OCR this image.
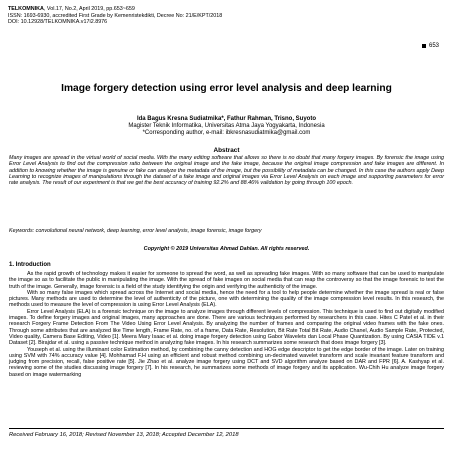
TELKOMNIKA, Vol.17, No.2, April 2019, pp.653~659
ISSN: 1693-6930, accredited First Grade by Kemenristekdikti, Decree No: 21/E/KPT/2018
DOI: 10.12928/TELKOMNIKA.v17i2.8976
653
Image forgery detection using error level analysis and deep learning
Ida Bagus Kresna Sudiatmika*, Fathur Rahman, Trisno, Suyoto
Magister Teknik Informatika, Universitas Atma Jaya Yogyakarta, Indonesia
*Corresponding author, e-mail: ibkresnasudiatmika@gmail.com
Abstract
Many images are spread in the virtual world of social media. With the many editing software that allows so there is no doubt that many forgery images. By forensic the image using Error Level Analysis to find out the compression ratio between the original image and the fake image, because the original image compression and fake images are different. In addition to knowing whether the image is genuine or fake can analyze the metadata of the image, but the possibility of metadata can be changed. In this case the authors apply Deep Learning to recognize images of manipulations through the dataset of a fake image and original images via Error Level Analysis on each image and supporting parameters for error rate analysis. The result of our experiment is that we get the best accuracy of training 92.2% and 88.46% validation by going through 100 epoch.
Keywords: convolutional neural network, deep learning, error level analysis, image forensic, image forgery
Copyright © 2019 Universitas Ahmad Dahlan. All rights reserved.
1. Introduction

As the rapid growth of technology makes it easier for someone to spread the word, as well as spreading fake images. With so many software that can be used to manipulate the image so as to facilitate the public in manipulating the image. With the spread of fake images on social media that can reap the controversy so that the image forensic to test the truth of the image. Generally, image forensic is a field of the study identifying the origin and verifying the authenticity of the image.

With so many false images which spread across the Internet and social media, hence the need for a tool to help people determine whether the image spread is real or false pictures. Many methods are used to determine the level of authenticity of the picture, one with determining the quality of the image compression level results. In this research, the methods used to measure the level of compression is using Error Level Analysis (ELA).

Error Level Analysis (ELA) is a forensic technique on the image to analyze images through different levels of compression. This technique is used to find out digitally modified images. To define forgery images and original images, many approaches are done. There are various techniques performed by researchers in this case. Hites C Patel et al. in their research Forgery Frame Detection From The Video Using Error Level Analysis. By analyzing the number of frames and comparing the original video frames with the fake ones. Through some attributes that are analyzed like Time length, Frame Rate, no. of a frame, Data Rate, Resolution, Bit Rate Total Bit Rate, Audio Chanel, Audio Sample Rate, Protected, Video quality, Camera Base Editing, Video [1]. Meera Mary Isaac et al. doing image forgery detection using Gabor Wavelets dan Local Phase Quantization. By using CASIA TIDE v.1 Dataset [2]. Birajdar et al. using a passive technique method in analyzing fake images. In his research summarizes some research that does image forgery [3].

Youseph et al. using the illuminant color Estimation method, by combining the canny detection and HOG edge descriptor to get the edge border of the image. Later on training using SVM with 74% accuracy value [4]. Mohhamad F.H using an efficient and robust method combining un-decimated wavelet transform and scale invariant feature transform and judging from precision, recall, false positive rate [5]. Jie Zhao et al. analyze image forgery using DCT and SVD algorithm analyze based on DAR and FPR [6]. A. Kashyap et al. reviewing some of the studies discussing image forgery [7]. In his research, he summarizes some methods of image forgery and its application. Wu-Chih Hu analyze image forgery based on image watermarking

Received February 16, 2018; Revised November 13, 2018; Accepted December 12, 2018
